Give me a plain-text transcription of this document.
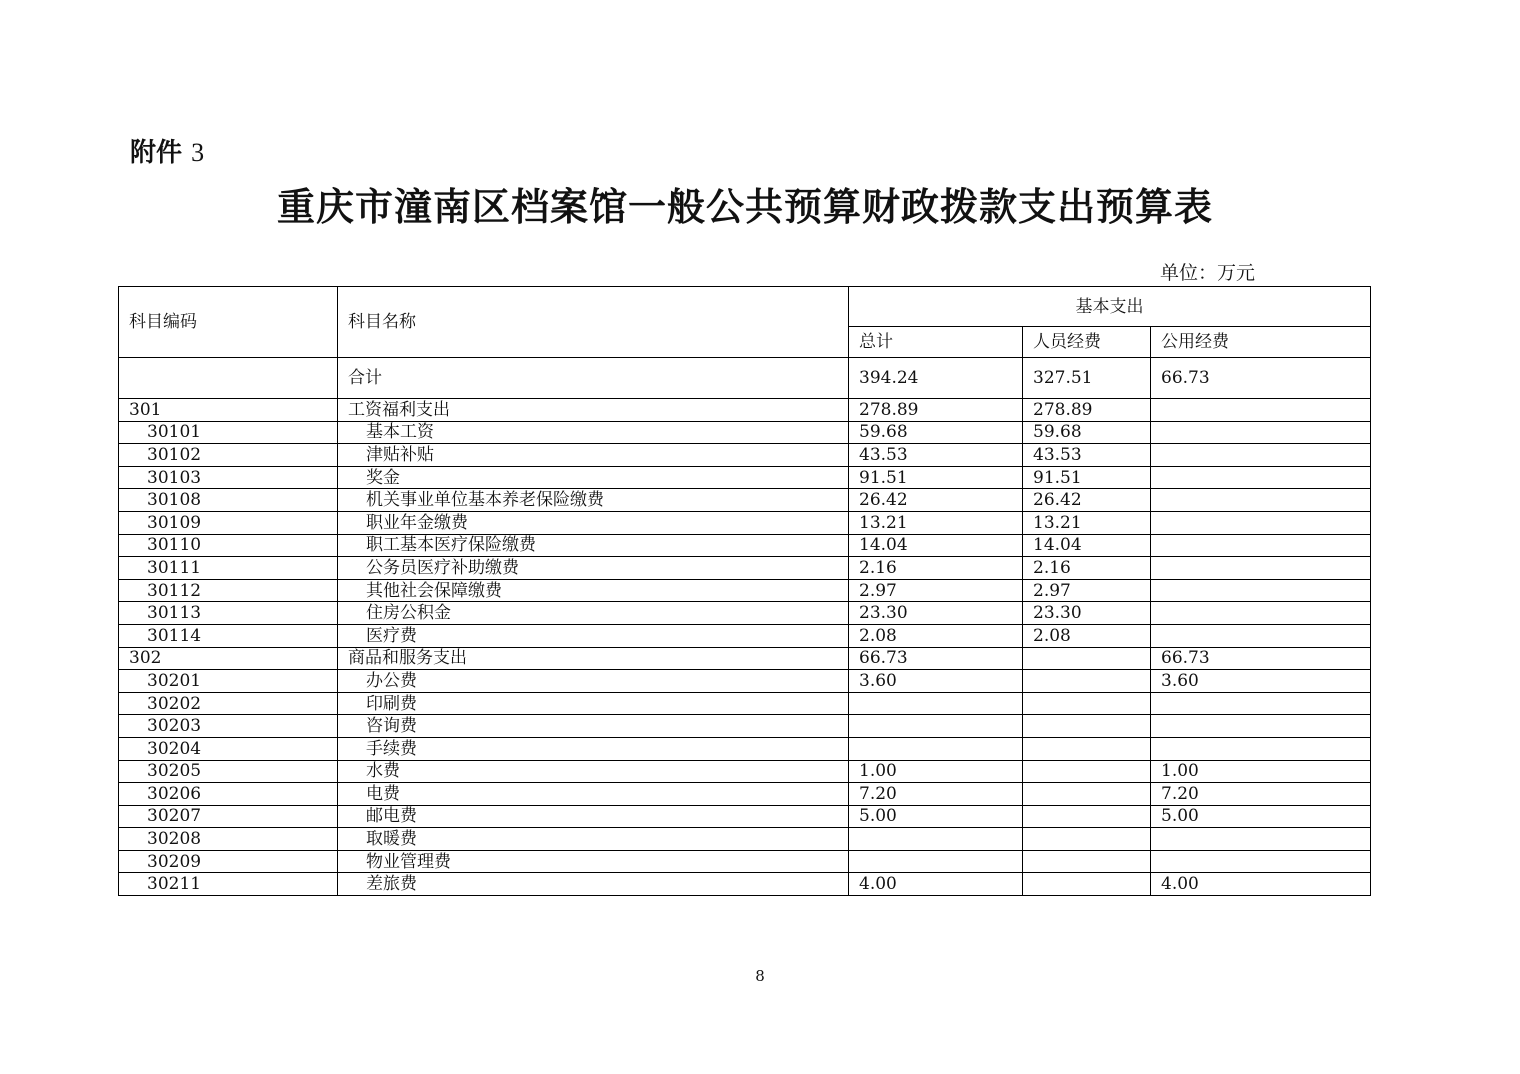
附件 3
重庆市潼南区档案馆一般公共预算财政拨款支出预算表
单位：万元
科目编码	科目名称	基本支出		
		总计	人员经费	公用经费
	合计	394.24	327.51	66.73
301	工资福利支出	278.89	278.89	
30101	基本工资	59.68	59.68	
30102	津贴补贴	43.53	43.53	
30103	奖金	91.51	91.51	
30108	机关事业单位基本养老保险缴费	26.42	26.42	
30109	职业年金缴费	13.21	13.21	
30110	职工基本医疗保险缴费	14.04	14.04	
30111	公务员医疗补助缴费	2.16	2.16	
30112	其他社会保障缴费	2.97	2.97	
30113	住房公积金	23.30	23.30	
30114	医疗费	2.08	2.08	
302	商品和服务支出	66.73		66.73
30201	办公费	3.60		3.60
30202	印刷费			
30203	咨询费			
30204	手续费			
30205	水费	1.00		1.00
30206	电费	7.20		7.20
30207	邮电费	5.00		5.00
30208	取暖费			
30209	物业管理费			
30211	差旅费	4.00		4.00
8
